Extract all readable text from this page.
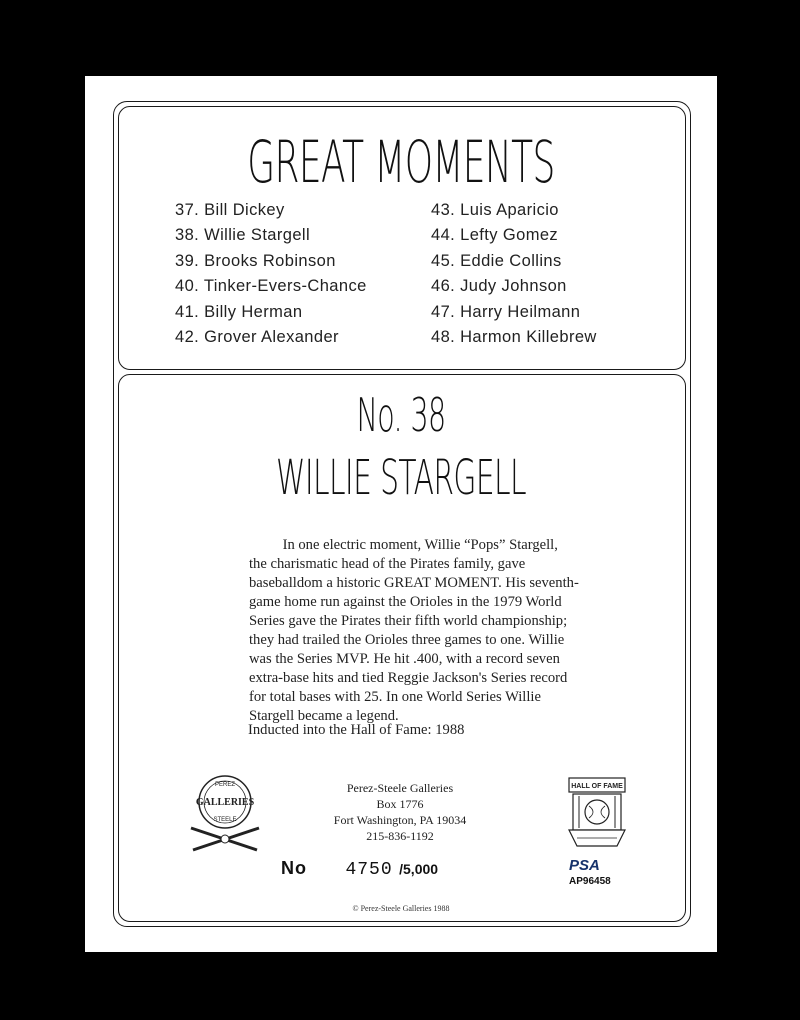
GREAT MOMENTS
37. Bill Dickey
38. Willie Stargell
39. Brooks Robinson
40. Tinker-Evers-Chance
41. Billy Herman
42. Grover Alexander
43. Luis Aparicio
44. Lefty Gomez
45. Eddie Collins
46. Judy Johnson
47. Harry Heilmann
48. Harmon Killebrew
No. 38
WILLIE STARGELL

In one electric moment, Willie “Pops” Stargell,

the charismatic head of the Pirates family, gave

baseballdom a historic GREAT MOMENT. His seventh-

game home run against the Orioles in the 1979 World

Series gave the Pirates their fifth world championship;

they had trailed the Orioles three games to one. Willie

was the Series MVP. He hit .400, with a record seven

extra-base hits and tied Reggie Jackson's Series record

for total bases with 25. In one World Series Willie

Stargell became a legend.

Inducted into the Hall of Fame: 1988
Perez-Steele Galleries
Box 1776
Fort Washington, PA 19034
215-836-1192
PEREZ
GALLERIES
STEELE
HALL OF FAME
No 4750 /5,000	PSA
AP96458
© Perez-Steele Galleries 1988
